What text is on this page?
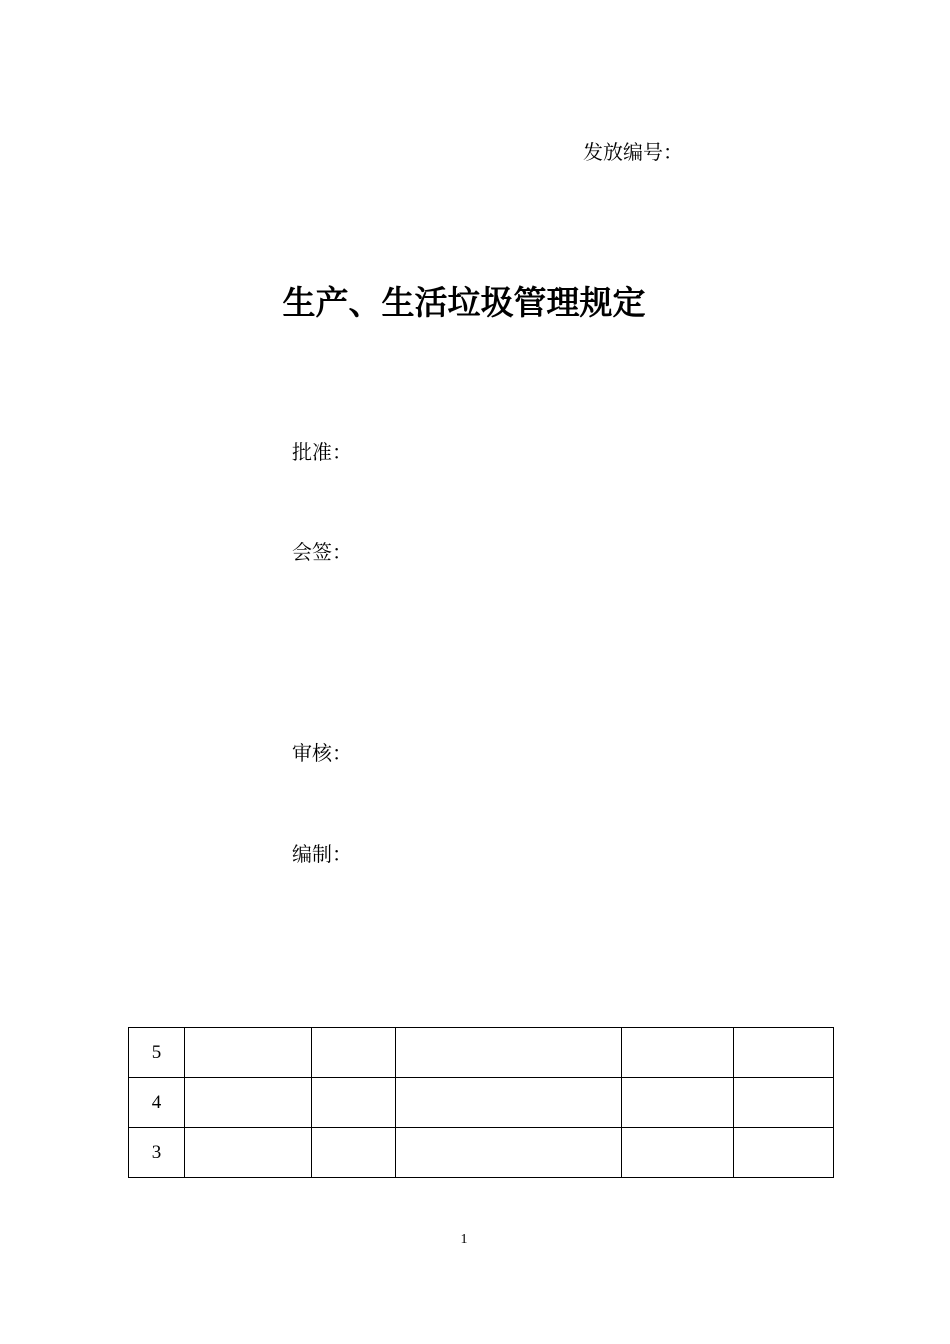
发放编号：
生产、生活垃圾管理规定
批准：
会签：
审核：
编制：
5					
4					
3					
1
